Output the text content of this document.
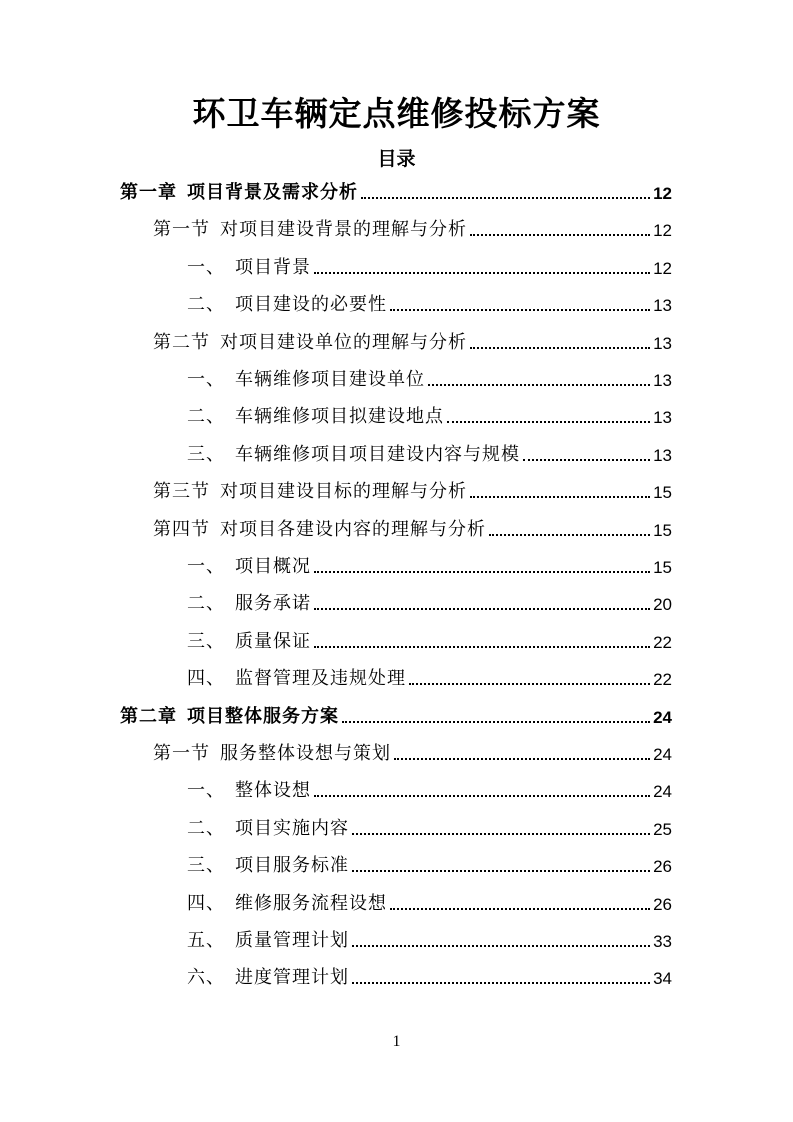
环卫车辆定点维修投标方案
目录
第一章 项目背景及需求分析	12
第一节 对项目建设背景的理解与分析	12
一、 项目背景	12
二、 项目建设的必要性	13
第二节 对项目建设单位的理解与分析	13
一、 车辆维修项目建设单位	13
二、 车辆维修项目拟建设地点	13
三、 车辆维修项目项目建设内容与规模	13
第三节 对项目建设目标的理解与分析	15
第四节 对项目各建设内容的理解与分析	15
一、 项目概况	15
二、 服务承诺	20
三、 质量保证	22
四、 监督管理及违规处理	22
第二章 项目整体服务方案	24
第一节 服务整体设想与策划	24
一、 整体设想	24
二、 项目实施内容	25
三、 项目服务标准	26
四、 维修服务流程设想	26
五、 质量管理计划	33
六、 进度管理计划	34
1
